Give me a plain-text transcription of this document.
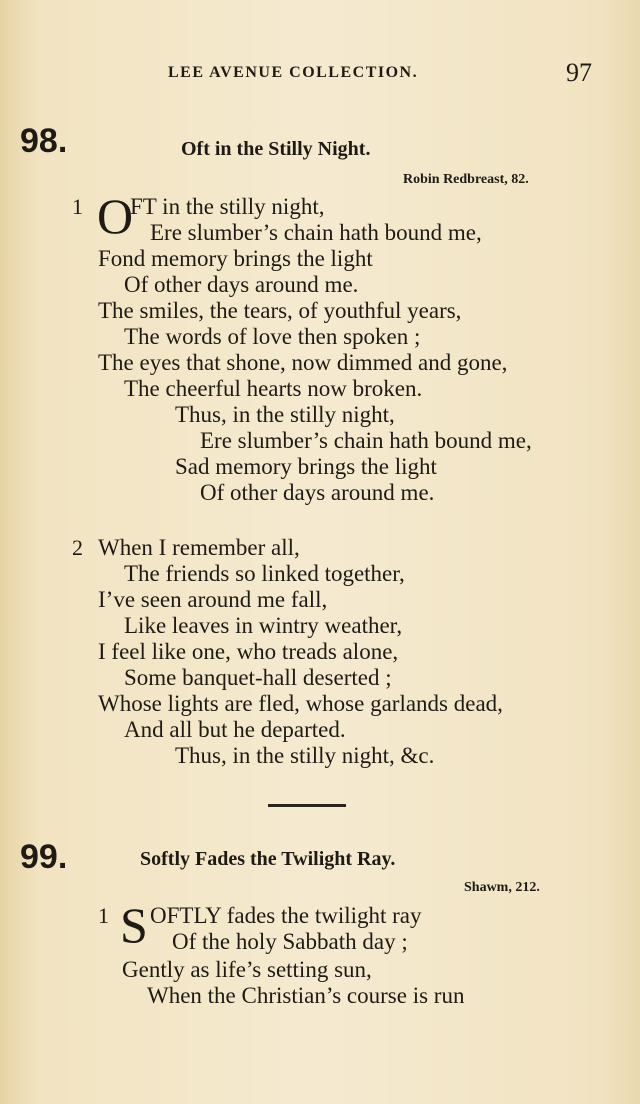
LEE AVENUE COLLECTION.	97
98.	Oft in the Stilly Night.
Robin Redbreast, 82.
1 O
FT in the stilly night,
Ere slumber’s chain hath bound me,
Fond memory brings the light
Of other days around me.
The smiles, the tears, of youthful years,
The words of love then spoken ;
The eyes that shone, now dimmed and gone,
The cheerful hearts now broken.
Thus, in the stilly night,
Ere slumber’s chain hath bound me,
Sad memory brings the light
Of other days around me.
2 When I remember all,
The friends so linked together,
I’ve seen around me fall,
Like leaves in wintry weather,
I feel like one, who treads alone,
Some banquet-hall deserted ;
Whose lights are fled, whose garlands dead,
And all but he departed.
Thus, in the stilly night, &c.
99.	Softly Fades the Twilight Ray.
Shawm, 212.
1 S OFTLY fades the twilight ray
Of the holy Sabbath day ;
Gently as life’s setting sun,
When the Christian’s course is run
